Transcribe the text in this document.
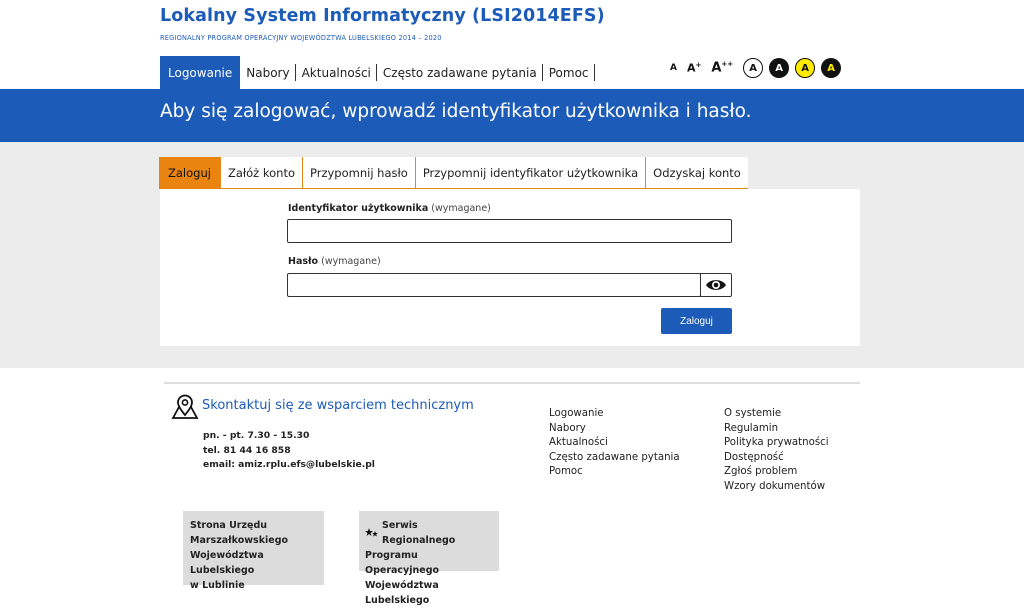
Lokalny System Informatyczny (LSI2014EFS)
REGIONALNY PROGRAM OPERACYJNY WOJEWÓDZTWA LUBELSKIEGO 2014 – 2020
Logowanie	Nabory	Aktualności	Często zadawane pytania	Pomoc	A A+ A++	A	A	A	A
Aby się zalogować, wprowadź identyfikator użytkownika i hasło.
Zaloguj	Załóż konto	Przypomnij hasło	Przypomnij identyfikator użytkownika	Odzyskaj konto
Identyfikator użytkownika (wymagane)
Hasło (wymagane)
Zaloguj
Skontaktuj się ze wsparciem technicznym
pn. - pt. 7.30 - 15.30
tel. 81 44 16 858
email: amiz.rplu.efs@lubelskie.pl
Logowanie
Nabory
Aktualności
Często zadawane pytania
Pomoc
O systemie
Regulamin
Polityka prywatności
Dostępność
Zgłoś problem
Wzory dokumentów
Strona Urzędu
Marszałkowskiego
Województwa Lubelskiego
w Lublinie
Serwis Regionalnego
Programu Operacyjnego
Województwa Lubelskiego
